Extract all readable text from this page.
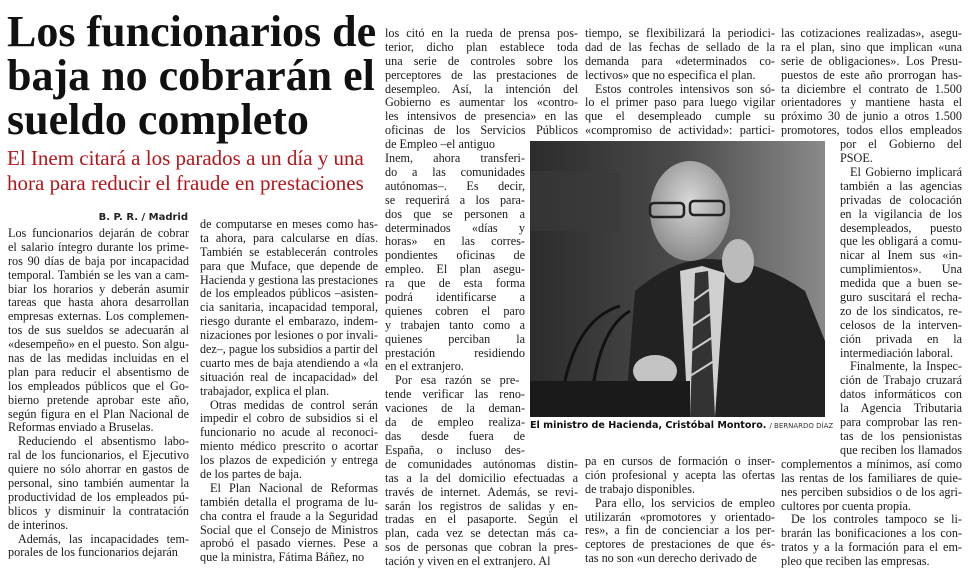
Los funcionarios de
baja no cobrarán el
sueldo completo
El Inem citará a los parados a un día y una
hora para reducir el fraude en prestaciones
B. P. R. / Madrid
El ministro de Hacienda, Cristóbal Montoro. / BERNARDO DÍAZ
Los funcionarios dejarán de cobrar
el salario íntegro durante los prime-
ros 90 días de baja por incapacidad
temporal. También se les van a cam-
biar los horarios y deberán asumir
tareas que hasta ahora desarrollan
empresas externas. Los complemen-
tos de sus sueldos se adecuarán al
«desempeño» en el puesto. Son algu-
nas de las medidas incluidas en el
plan para reducir el absentismo de
los empleados públicos que el Go-
bierno pretende aprobar este año,
según figura en el Plan Nacional de
Reformas enviado a Bruselas.
Reduciendo el absentismo labo-
ral de los funcionarios, el Ejecutivo
quiere no sólo ahorrar en gastos de
personal, sino también aumentar la
productividad de los empleados pú-
blicos y disminuir la contratación
de interinos.
Además, las incapacidades tem-
porales de los funcionarios dejarán
de computarse en meses como has-
ta ahora, para calcularse en días.
También se establecerán controles
para que Muface, que depende de
Hacienda y gestiona las prestaciones
de los empleados públicos –asisten-
cia sanitaria, incapacidad temporal,
riesgo durante el embarazo, indem-
nizaciones por lesiones o por invali-
dez–, pague los subsidios a partir del
cuarto mes de baja atendiendo a «la
situación real de incapacidad» del
trabajador, explica el plan.
Otras medidas de control serán
impedir el cobro de subsidios si el
funcionario no acude al reconoci-
miento médico prescrito o acortar
los plazos de expedición y entrega
de los partes de baja.
El Plan Nacional de Reformas
también detalla el programa de lu-
cha contra el fraude a la Seguridad
Social que el Consejo de Ministros
aprobó el pasado viernes. Pese a
que la ministra, Fátima Báñez, no
los citó en la rueda de prensa pos-
terior, dicho plan establece toda
una serie de controles sobre los
perceptores de las prestaciones de
desempleo. Así, la intención del
Gobierno es aumentar los «contro-
les intensivos de presencia» en las
oficinas de los Servicios Públicos
de Empleo –el antiguo
Inem, ahora transferi-
do a las comunidades
autónomas–. Es decir,
se requerirá a los para-
dos que se personen a
determinados «días y
horas» en las corres-
pondientes oficinas de
empleo. El plan asegu-
ra que de esta forma
podrá identificarse a
quienes cobren el paro
y trabajen tanto como a
quienes perciban la
prestación residiendo
en el extranjero.
Por esa razón se pre-
tende verificar las reno-
vaciones de la deman-
da de empleo realiza-
das desde fuera de
España, o incluso des-
de comunidades autónomas distin-
tas a la del domicilio efectuadas a
través de internet. Además, se revi-
sarán los registros de salidas y en-
tradas en el pasaporte. Según el
plan, cada vez se detectan más ca-
sos de personas que cobran la pres-
tación y viven en el extranjero. Al
tiempo, se flexibilizará la periodici-
dad de las fechas de sellado de la
demanda para «determinados co-
lectivos» que no especifica el plan.
Estos controles intensivos son só-
lo el primer paso para luego vigilar
que el desempleado cumple su
«compromiso de actividad»: partici-
pa en cursos de formación o inser-
ción profesional y acepta las ofertas
de trabajo disponibles.
Para ello, los servicios de empleo
utilizarán «promotores y orientado-
res», a fin de concienciar a los per-
ceptores de prestaciones de que és-
tas no son «un derecho derivado de
las cotizaciones realizadas», asegu-
ra el plan, sino que implican «una
serie de obligaciones». Los Presu-
puestos de este año prorrogan has-
ta diciembre el contrato de 1.500
orientadores y mantiene hasta el
próximo 30 de junio a otros 1.500
promotores, todos ellos empleados
por el Gobierno del
PSOE.
El Gobierno implicará
también a las agencias
privadas de colocación
en la vigilancia de los
desempleados, puesto
que les obligará a comu-
nicar al Inem sus «in-
cumplimientos». Una
medida que a buen se-
guro suscitará el recha-
zo de los sindicatos, re-
celosos de la interven-
ción privada en la
intermediación laboral.
Finalmente, la Inspec-
ción de Trabajo cruzará
datos informáticos con
la Agencia Tributaria
para comprobar las ren-
tas de los pensionistas
que reciben los llamados
complementos a mínimos, así como
las rentas de los familiares de quie-
nes perciben subsidios o de los agri-
cultores por cuenta propia.
De los controles tampoco se li-
brarán las bonificaciones a los con-
tratos y a la formación para el em-
pleo que reciben las empresas.
